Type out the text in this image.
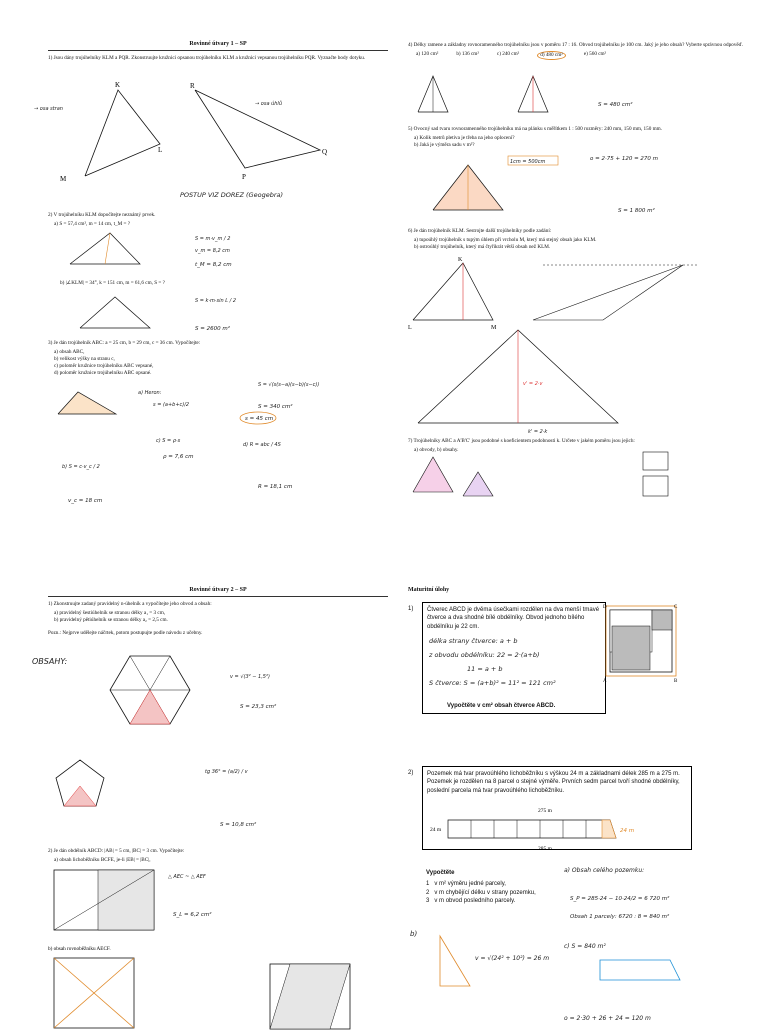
Rovinné útvary 1 – SP
1) Jsou dány trojúhelníky KLM a PQR. Zkonstruujte kružnici opsanou trojúhelníku KLM a kružnici vepsanou trojúhelníku PQR. Vyznačte body dotyku.
→ osa stran
K
L
M
R
Q
P
→ osa úhlů
POSTUP VIZ DOREZ (Geogebra)
2) V trojúhelníku KLM dopočítejte neznámý prvek.
a) S = 57,4 cm², m = 14 cm, t_M = ?
S = m·v_m / 2
v_m = 8,2 cm
t_M = 8,2 cm
b) |∠KLM| = 34°, k = 151 cm, m = 61,6 cm, S = ?
S = k·m·sin L / 2
S = 2600 m²
3) Je dán trojúhelník ABC: a = 25 cm, b = 29 cm, c = 36 cm. Vypočítejte:
a) obsah ABC,
b) velikost výšky na stranu c,
c) poloměr kružnice trojúhelníku ABC vepsané,
d) poloměr kružnice trojúhelníku ABC opsané.
a) Heron:
s = (a+b+c)/2
s = 45 cm
S = √(s(s−a)(s−b)(s−c))
S = 340 cm²
c) S = ρ·s
ρ = 7,6 cm
d) R = abc / 4S
R = 18,1 cm
b) S = c·v_c / 2
v_c = 18 cm
4) Délky ramene a základny rovnoramenného trojúhelníku jsou v poměru 17 : 16. Obvod trojúhelníku je 100 cm. Jaký je jeho obsah? Vyberte správnou odpověď.
a) 120 cm²	b) 136 cm²	c) 240 cm²	d) 480 cm²	e) 560 cm²
S = 480 cm²
5) Ovocný sad tvaru rovnoramenného trojúhelníku má na plánku s měřítkem 1 : 500 rozměry: 240 mm, 150 mm, 150 mm.
a) Kolik metrů pletiva je třeba na jeho oplocení?
b) Jaká je výměra sadu v m²?
1cm = 500cm	o = 2·75 + 120 = 270 m
S = 1 800 m²
6) Je dán trojúhelník KLM. Sestrojte další trojúhelníky podle zadání:
a) tupoúhlý trojúhelník s tupým úhlem při vrcholu M, který má stejný obsah jako KLM.
b) ostroúhlý trojúhelník, který má čtyřikrát větší obsah než KLM.
K
L	M
v' = 2·v
k' = 2·k
7) Trojúhelníky ABC a A'B'C' jsou podobné s koeficientem podobnosti k. Určete v jakém poměru jsou jejich:
a) obvody, b) obsahy.
Rovinné útvary 2 – SP
1) Zkonstruujte zadaný pravidelný n-úhelník a vypočítejte jeho obvod a obsah:
a) pravidelný šestiúhelník se stranou délky a₁ = 3 cm,
b) pravidelný pětiúhelník se stranou délky a₂ = 2,5 cm.
Pozn.: Nejprve udělejte náčrtek, potom postupujte podle návodu z učebny.
OBSAHY:
v = √(3² − 1,5²)
S = 23,3 cm²
tg 36° = (a/2) / v
S = 10,8 cm²
2) Je dán obdélník ABCD: |AB| = 5 cm, |BC| = 3 cm. Vypočítejte:
a) obsah lichoběžníku BCFE, je-li |EB| = |BC|,
△ AEC ~ △ AEF
S_L = 6,2 cm²
b) obsah rovnoběžníku AECF.
Maturitní úlohy
1) Čtverec ABCD je dvěma úsečkami rozdělen na dva menší tmavé čtverce a dva shodné bílé obdélníky. Obvod jednoho bílého obdélníku je 22 cm.
délka strany čtverce: a + b
z obvodu obdélníku: 22 = 2·(a+b)
11 = a + b
S čtverce: S = (a+b)² = 11² = 121 cm²
Vypočtěte v cm² obsah čtverce ABCD.
D	C
A	B
2) Pozemek má tvar pravoúhlého lichoběžníku s výškou 24 m a základnami délek 285 m a 275 m. Pozemek je rozdělen na 8 parcel o stejné výměře. Prvních sedm parcel tvoří shodné obdélníky, poslední parcela má tvar pravoúhlého lichoběžníku.
275 m
24 m	24 m
285 m
Vypočtěte
1 v m² výměru jedné parcely,
2 v m chybějící délku v strany pozemku,
3 v m obvod posledního parcely.
a) Obsah celého pozemku:
S_P = 285·24 − 10·24/2 = 6 720 m²
Obsah 1 parcely: 6720 : 8 = 840 m²
c) S = 840 m²
o = 2·30 + 26 + 24 = 120 m
b)
v = √(24² + 10²) = 26 m
